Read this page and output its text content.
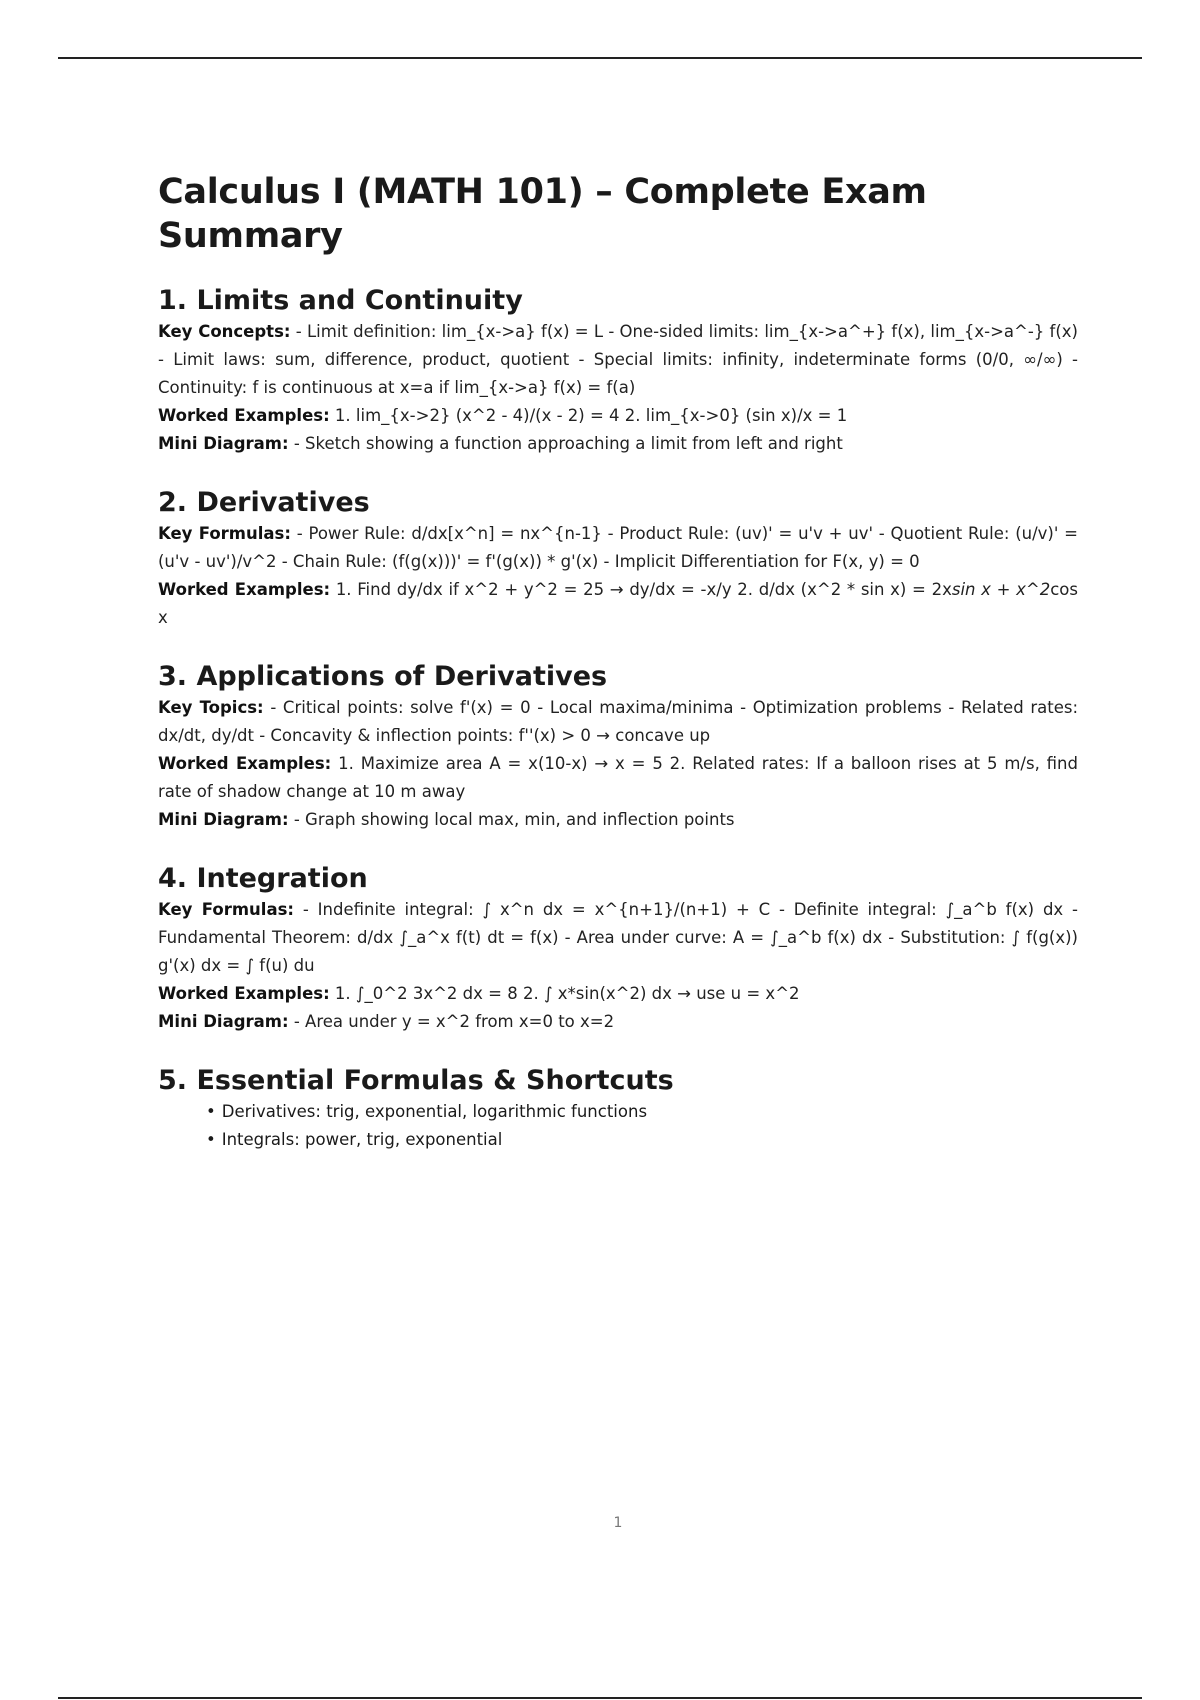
Calculus I (MATH 101) – Complete Exam Summary
1. Limits and Continuity

Key Concepts: - Limit definition: lim_{x->a} f(x) = L - One-sided limits: lim_{x->a^+} f(x), lim_{x->a^-} f(x) - Limit laws: sum, difference, product, quotient - Special limits: infinity, indeterminate forms (0/0, ∞/∞) - Continuity: f is continuous at x=a if lim_{x->a} f(x) = f(a)

Worked Examples: 1. lim_{x->2} (x^2 - 4)/(x - 2) = 4 2. lim_{x->0} (sin x)/x = 1

Mini Diagram: - Sketch showing a function approaching a limit from left and right

2. Derivatives

Key Formulas: - Power Rule: d/dx[x^n] = nx^{n-1} - Product Rule: (uv)' = u'v + uv' - Quotient Rule: (u/v)' = (u'v - uv')/v^2 - Chain Rule: (f(g(x)))' = f'(g(x)) * g'(x) - Implicit Differentiation for F(x, y) = 0

Worked Examples: 1. Find dy/dx if x^2 + y^2 = 25 → dy/dx = -x/y 2. d/dx (x^2 * sin x) = 2xsin x + x^2cos x

3. Applications of Derivatives

Key Topics: - Critical points: solve f'(x) = 0 - Local maxima/minima - Optimization problems - Related rates: dx/dt, dy/dt - Concavity & inflection points: f''(x) > 0 → concave up

Worked Examples: 1. Maximize area A = x(10-x) → x = 5 2. Related rates: If a balloon rises at 5 m/s, find rate of shadow change at 10 m away

Mini Diagram: - Graph showing local max, min, and inflection points

4. Integration

Key Formulas: - Indefinite integral: ∫ x^n dx = x^{n+1}/(n+1) + C - Definite integral: ∫_a^b f(x) dx - Fundamental Theorem: d/dx ∫_a^x f(t) dt = f(x) - Area under curve: A = ∫_a^b f(x) dx - Substitution: ∫ f(g(x)) g'(x) dx = ∫ f(u) du

Worked Examples: 1. ∫_0^2 3x^2 dx = 8 2. ∫ x*sin(x^2) dx → use u = x^2

Mini Diagram: - Area under y = x^2 from x=0 to x=2

5. Essential Formulas & Shortcuts
• Derivatives: trig, exponential, logarithmic functions
• Integrals: power, trig, exponential
1
